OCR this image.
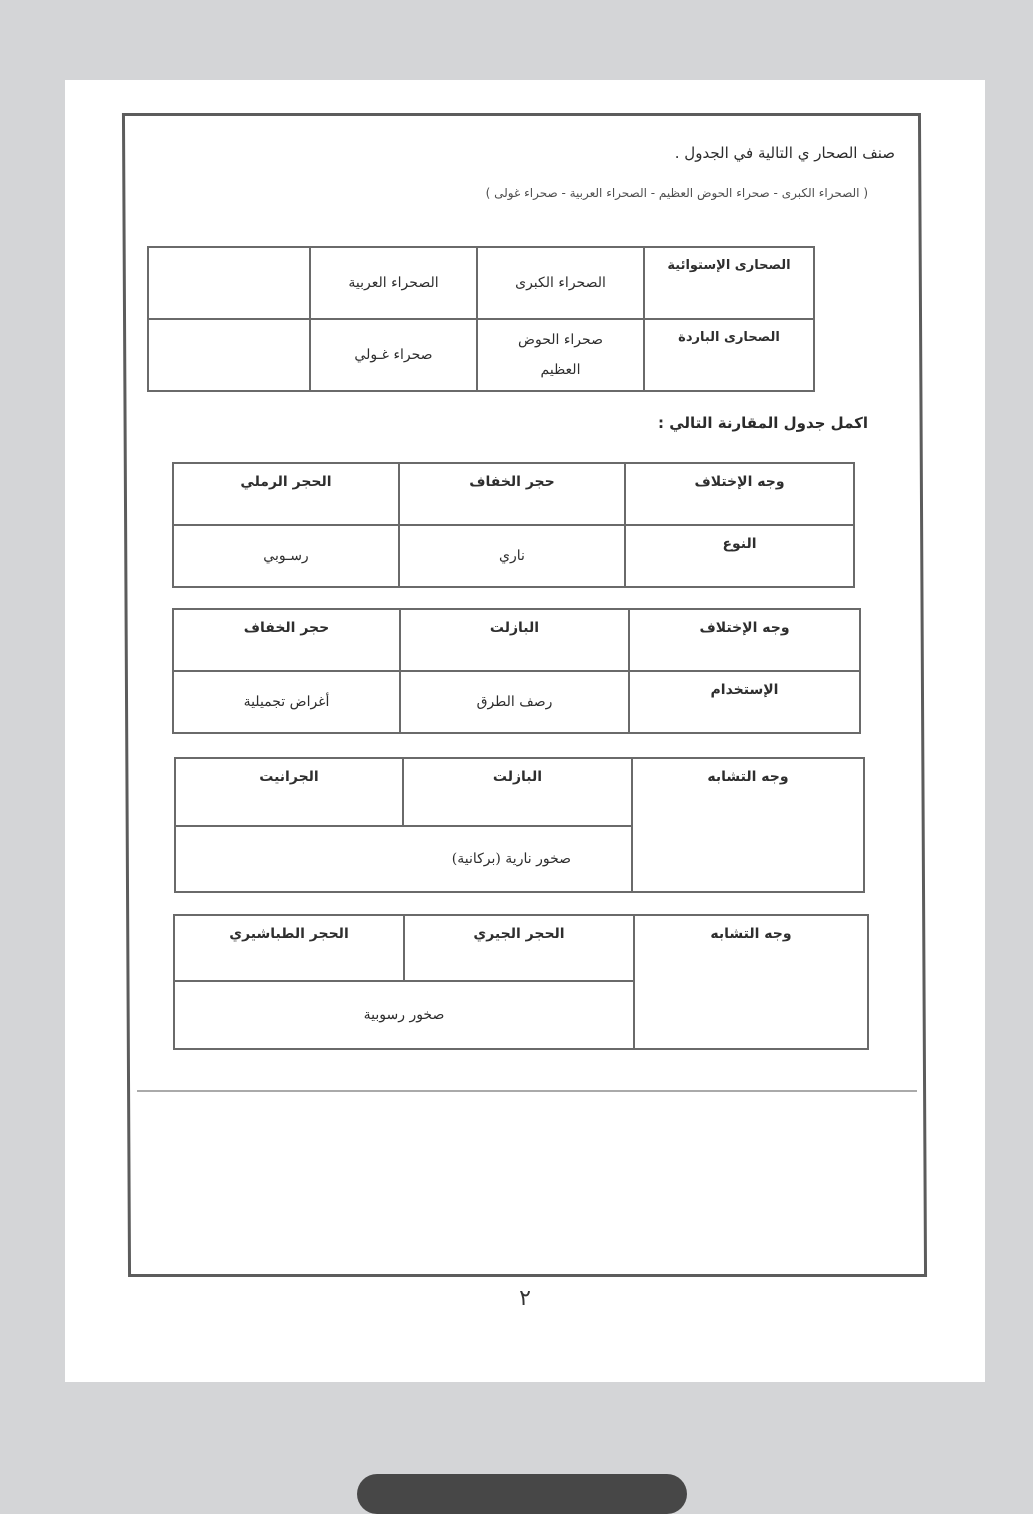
صنف الصحار ي التالية في الجدول .
( الصحراء الكبرى - صحراء الحوض العظيم - الصحراء العربية - صحراء غولى )
الصحارى الإستوائية	الصحراء الكبرى	الصحراء العربية	
الصحارى الباردة	صحراء الحوض العظيم	صحراء غـولي	
اكمل جدول المقارنة التالي :
وجه الإختلاف	حجر الخفاف	الحجر الرملي
النوع	ناري	رسـوبي
وجه الإختلاف	البازلت	حجر الخفاف
الإستخدام	رصف الطرق	أغراض تجميلية
وجه التشابه	البازلت	الجرانيت
صخور نارية (بركانية)
وجه التشابه	الحجر الجيري	الحجر الطباشيري
صخور رسوبية
٢
